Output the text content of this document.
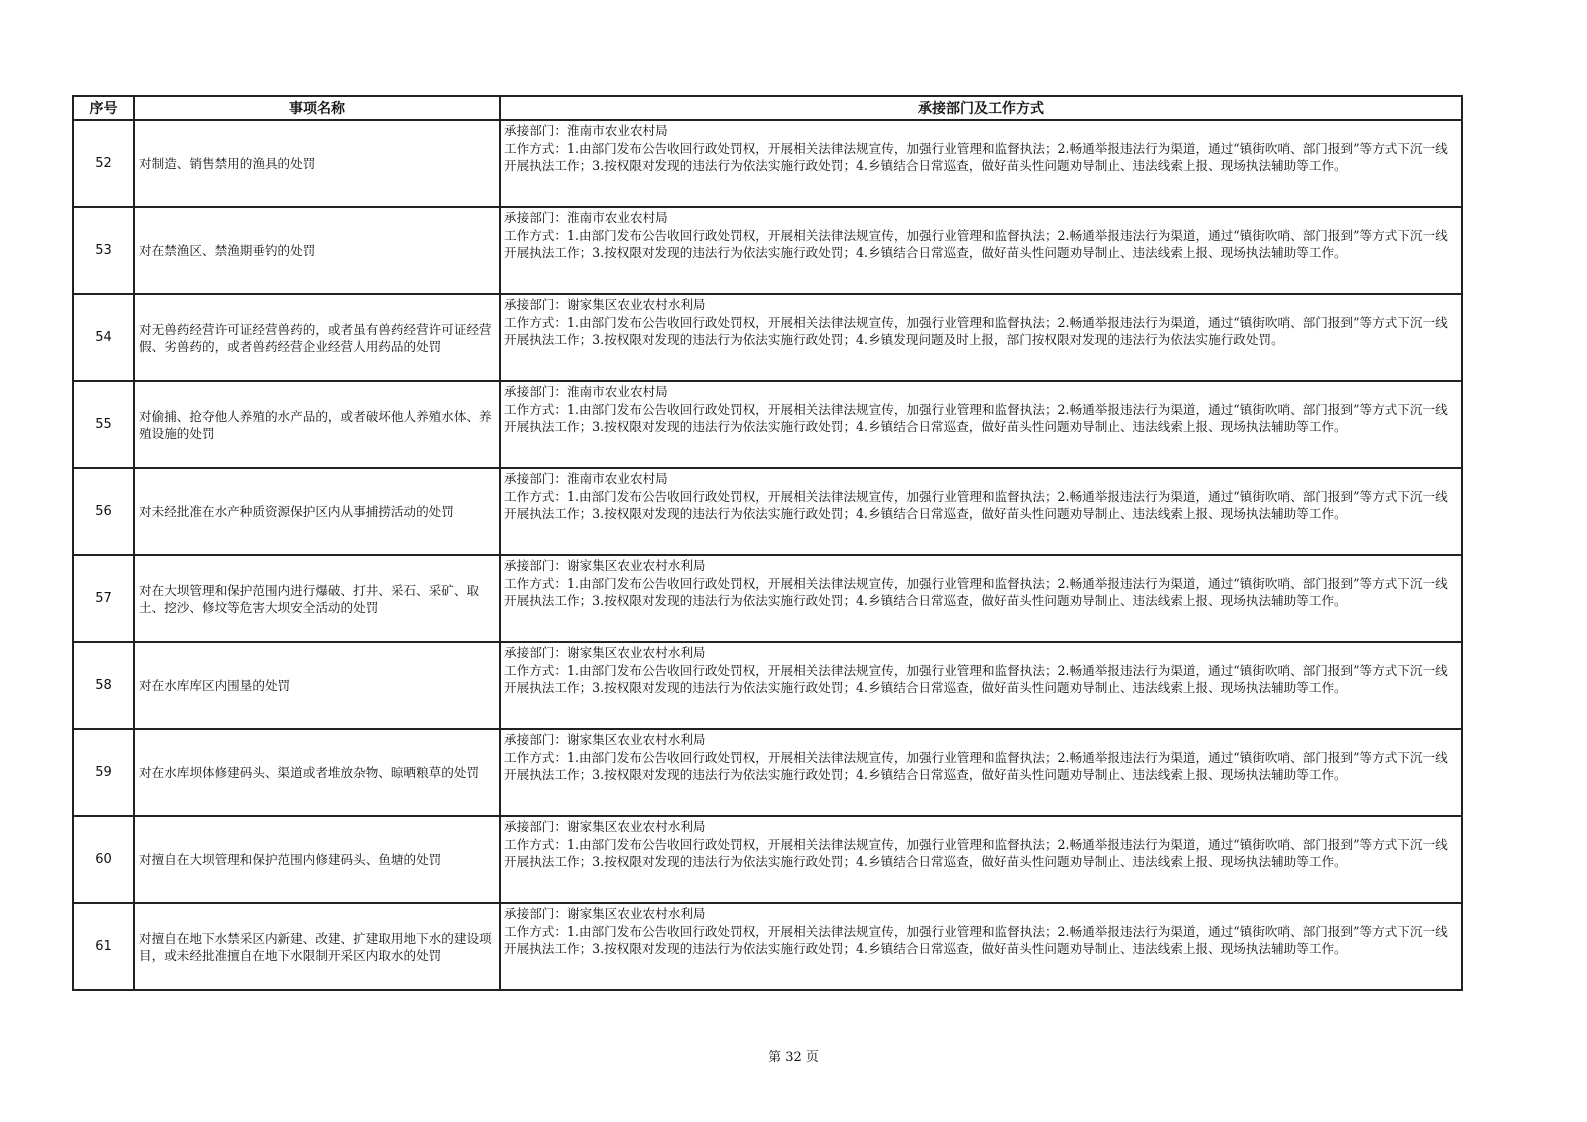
序号	事项名称	承接部门及工作方式
52	对制造、销售禁用的渔具的处罚	承接部门：淮南市农业农村局
工作方式：1.由部门发布公告收回行政处罚权，开展相关法律法规宣传，加强行业管理和监督执法；2.畅通举报违法行为渠道，通过“镇街吹哨、部门报到”等方式下沉一线开展执法工作；3.按权限对发现的违法行为依法实施行政处罚；4.乡镇结合日常巡查，做好苗头性问题劝导制止、违法线索上报、现场执法辅助等工作。

53	对在禁渔区、禁渔期垂钓的处罚	承接部门：淮南市农业农村局
工作方式：1.由部门发布公告收回行政处罚权，开展相关法律法规宣传，加强行业管理和监督执法；2.畅通举报违法行为渠道，通过“镇街吹哨、部门报到”等方式下沉一线开展执法工作；3.按权限对发现的违法行为依法实施行政处罚；4.乡镇结合日常巡查，做好苗头性问题劝导制止、违法线索上报、现场执法辅助等工作。

54	对无兽药经营许可证经营兽药的，或者虽有兽药经营许可证经营假、劣兽药的，或者兽药经营企业经营人用药品的处罚	承接部门：谢家集区农业农村水利局
工作方式：1.由部门发布公告收回行政处罚权，开展相关法律法规宣传，加强行业管理和监督执法；2.畅通举报违法行为渠道，通过“镇街吹哨、部门报到”等方式下沉一线开展执法工作；3.按权限对发现的违法行为依法实施行政处罚；4.乡镇发现问题及时上报，部门按权限对发现的违法行为依法实施行政处罚。

55	对偷捕、抢夺他人养殖的水产品的，或者破坏他人养殖水体、养殖设施的处罚	承接部门：淮南市农业农村局
工作方式：1.由部门发布公告收回行政处罚权，开展相关法律法规宣传，加强行业管理和监督执法；2.畅通举报违法行为渠道，通过“镇街吹哨、部门报到”等方式下沉一线开展执法工作；3.按权限对发现的违法行为依法实施行政处罚；4.乡镇结合日常巡查，做好苗头性问题劝导制止、违法线索上报、现场执法辅助等工作。

56	对未经批准在水产种质资源保护区内从事捕捞活动的处罚	承接部门：淮南市农业农村局
工作方式：1.由部门发布公告收回行政处罚权，开展相关法律法规宣传，加强行业管理和监督执法；2.畅通举报违法行为渠道，通过“镇街吹哨、部门报到”等方式下沉一线开展执法工作；3.按权限对发现的违法行为依法实施行政处罚；4.乡镇结合日常巡查，做好苗头性问题劝导制止、违法线索上报、现场执法辅助等工作。

57	对在大坝管理和保护范围内进行爆破、打井、采石、采矿、取土、挖沙、修坟等危害大坝安全活动的处罚	承接部门：谢家集区农业农村水利局
工作方式：1.由部门发布公告收回行政处罚权，开展相关法律法规宣传，加强行业管理和监督执法；2.畅通举报违法行为渠道，通过“镇街吹哨、部门报到”等方式下沉一线开展执法工作；3.按权限对发现的违法行为依法实施行政处罚；4.乡镇结合日常巡查，做好苗头性问题劝导制止、违法线索上报、现场执法辅助等工作。

58	对在水库库区内围垦的处罚	承接部门：谢家集区农业农村水利局
工作方式：1.由部门发布公告收回行政处罚权，开展相关法律法规宣传，加强行业管理和监督执法；2.畅通举报违法行为渠道，通过“镇街吹哨、部门报到”等方式下沉一线开展执法工作；3.按权限对发现的违法行为依法实施行政处罚；4.乡镇结合日常巡查，做好苗头性问题劝导制止、违法线索上报、现场执法辅助等工作。

59	对在水库坝体修建码头、渠道或者堆放杂物、晾晒粮草的处罚	承接部门：谢家集区农业农村水利局
工作方式：1.由部门发布公告收回行政处罚权，开展相关法律法规宣传，加强行业管理和监督执法；2.畅通举报违法行为渠道，通过“镇街吹哨、部门报到”等方式下沉一线开展执法工作；3.按权限对发现的违法行为依法实施行政处罚；4.乡镇结合日常巡查，做好苗头性问题劝导制止、违法线索上报、现场执法辅助等工作。

60	对擅自在大坝管理和保护范围内修建码头、鱼塘的处罚	承接部门：谢家集区农业农村水利局
工作方式：1.由部门发布公告收回行政处罚权，开展相关法律法规宣传，加强行业管理和监督执法；2.畅通举报违法行为渠道，通过“镇街吹哨、部门报到”等方式下沉一线开展执法工作；3.按权限对发现的违法行为依法实施行政处罚；4.乡镇结合日常巡查，做好苗头性问题劝导制止、违法线索上报、现场执法辅助等工作。

61	对擅自在地下水禁采区内新建、改建、扩建取用地下水的建设项目，或未经批准擅自在地下水限制开采区内取水的处罚	承接部门：谢家集区农业农村水利局
工作方式：1.由部门发布公告收回行政处罚权，开展相关法律法规宣传，加强行业管理和监督执法；2.畅通举报违法行为渠道，通过“镇街吹哨、部门报到”等方式下沉一线开展执法工作；3.按权限对发现的违法行为依法实施行政处罚；4.乡镇结合日常巡查，做好苗头性问题劝导制止、违法线索上报、现场执法辅助等工作。
第 32 页
